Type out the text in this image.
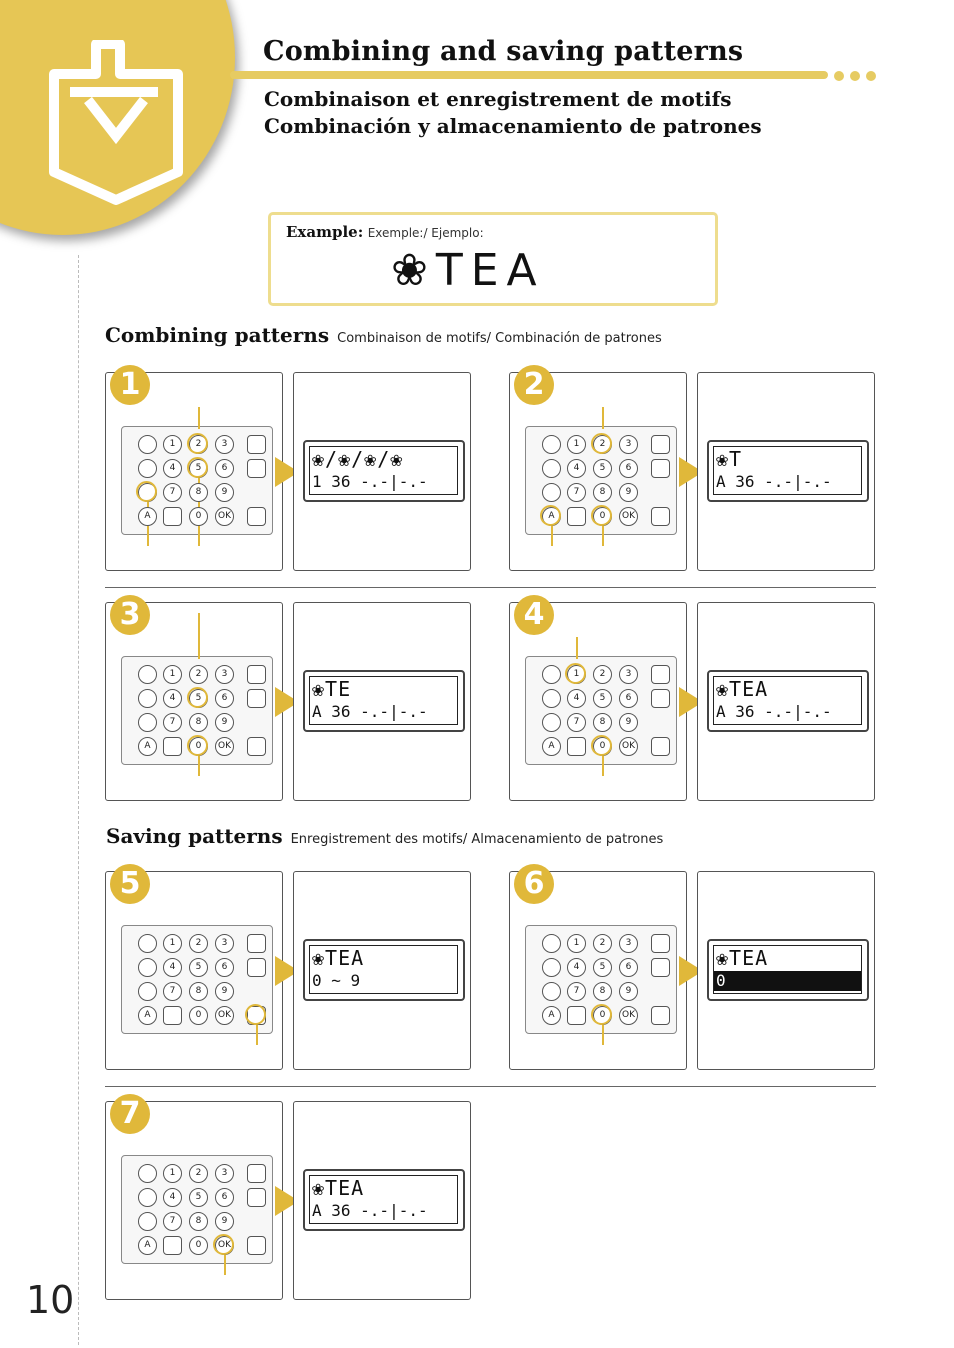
Combining and saving patterns
Combinaison et enregistrement de motifs
Combinación y almacenamiento de patrones
10
Example: Exemple:/ Ejemplo:
❀TEA
Combining patterns Combinaison de motifs/ Combinación de patrones
Saving patterns Enregistrement des motifs/ Almacenamiento de patrones
1
1	2	3
4	5	6
7	8	9
A	0	OK
❀/❀/❀/❀
1 36 -.-|-.-
2
1	2	3
4	5	6
7	8	9
A	0	OK
❀T
A 36 -.-|-.-
3
1	2	3
4	5	6
7	8	9
A	0	OK
❀TE
A 36 -.-|-.-
4
1	2	3
4	5	6
7	8	9
A	0	OK
❀TEA
A 36 -.-|-.-
5
1	2	3
4	5	6
7	8	9
A	0	OK
❀TEA
0 ~ 9
6
1	2	3
4	5	6
7	8	9
A	0	OK
❀TEA
0
7
1	2	3
4	5	6
7	8	9
A	0	OK
❀TEA
A 36 -.-|-.-
